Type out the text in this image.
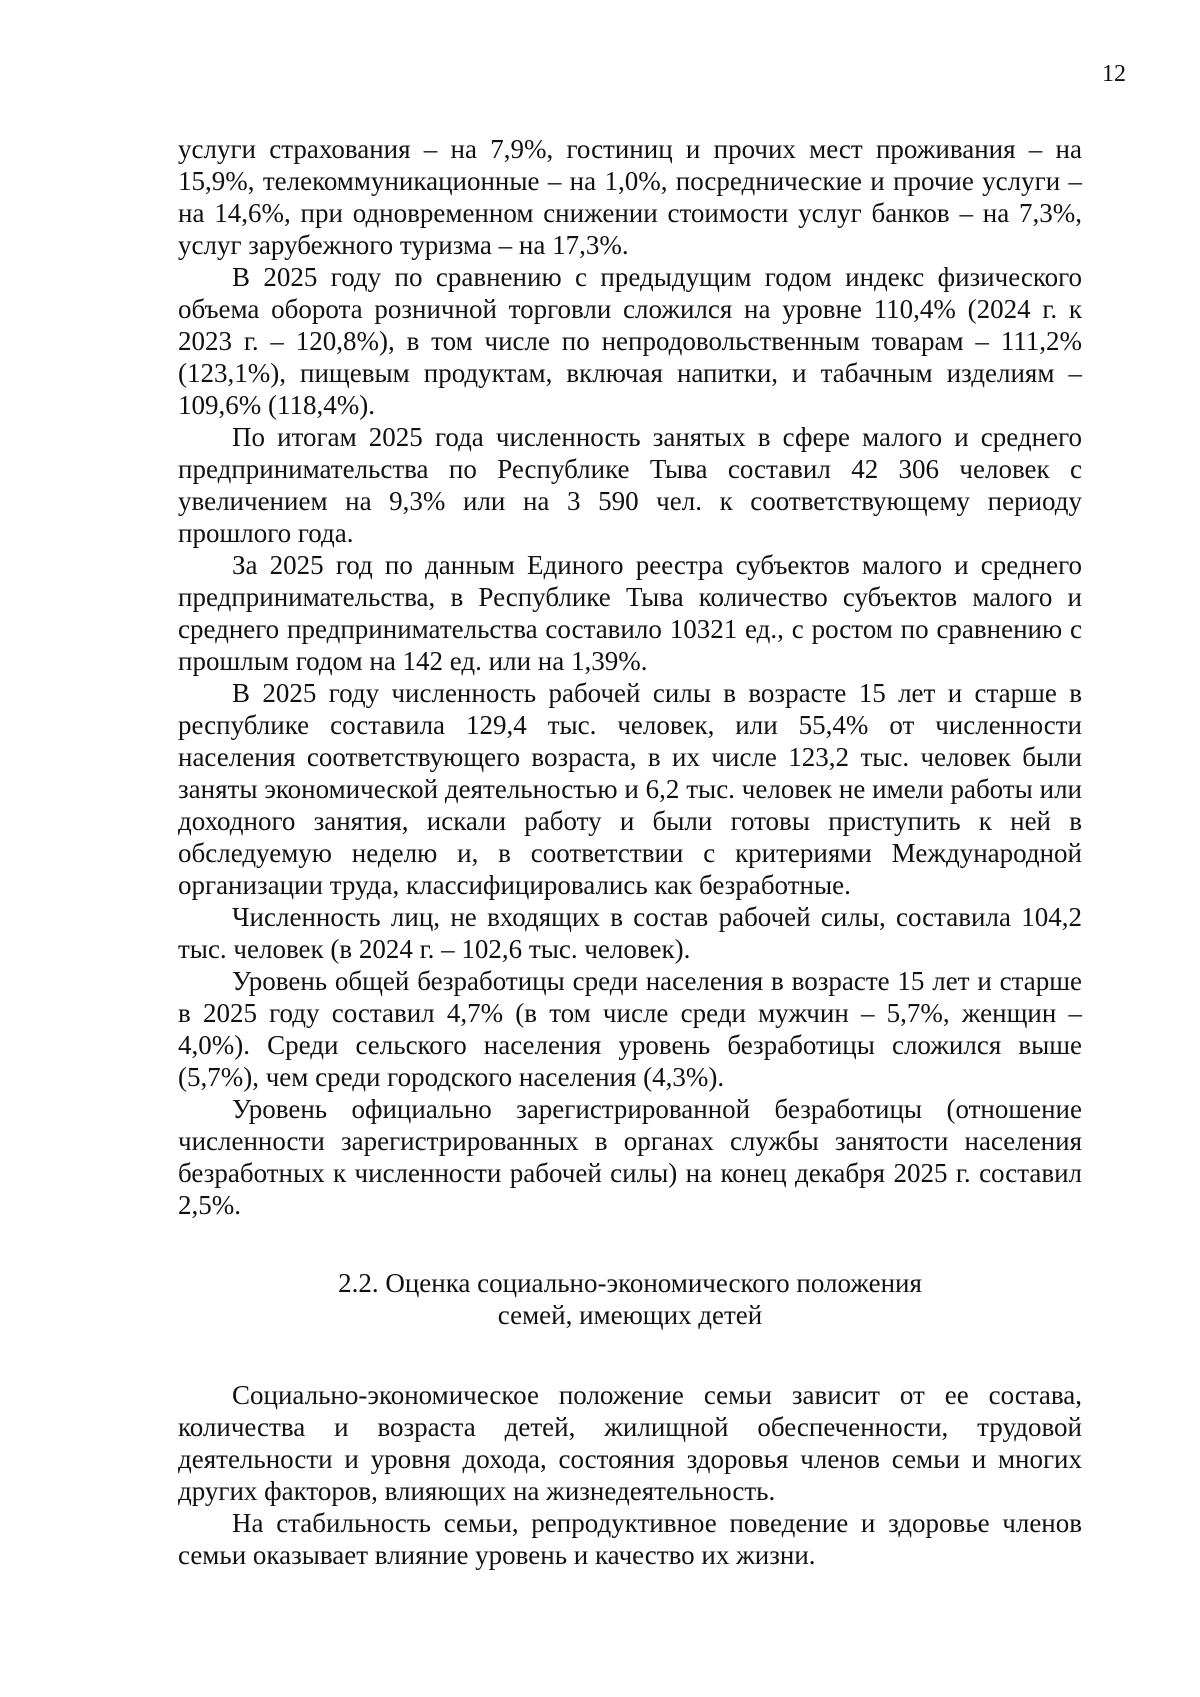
12

услуги страхования – на 7,9%, гостиниц и прочих мест проживания – на 15,9%, телекоммуникационные – на 1,0%, посреднические и прочие услуги – на 14,6%, при одновременном снижении стоимости услуг банков – на 7,3%, услуг зарубежного туризма – на 17,3%.

В 2025 году по сравнению с предыдущим годом индекс физического объема оборота розничной торговли сложился на уровне 110,4% (2024 г. к 2023 г. – 120,8%), в том числе по непродовольственным товарам – 111,2% (123,1%), пищевым продуктам, включая напитки, и табачным изделиям – 109,6% (118,4%).

По итогам 2025 года численность занятых в сфере малого и среднего предпринимательства по Республике Тыва составил 42 306 человек с увеличением на 9,3% или на 3 590 чел. к соответствующему периоду прошлого года.

За 2025 год по данным Единого реестра субъектов малого и среднего предпринимательства, в Республике Тыва количество субъектов малого и среднего предпринимательства составило 10321 ед., с ростом по сравнению с прошлым годом на 142 ед. или на 1,39%.

В 2025 году численность рабочей силы в возрасте 15 лет и старше в республике составила 129,4 тыс. человек, или 55,4% от численности населения соответствующего возраста, в их числе 123,2 тыс. человек были заняты экономической деятельностью и 6,2 тыс. человек не имели работы или доходного занятия, искали работу и были готовы приступить к ней в обследуемую неделю и, в соответствии с критериями Международной организации труда, классифицировались как безработные.

Численность лиц, не входящих в состав рабочей силы, составила 104,2 тыс. человек (в 2024 г. – 102,6 тыс. человек).

Уровень общей безработицы среди населения в возрасте 15 лет и старше в 2025 году составил 4,7% (в том числе среди мужчин – 5,7%, женщин – 4,0%). Среди сельского населения уровень безработицы сложился выше (5,7%), чем среди городского населения (4,3%).

Уровень официально зарегистрированной безработицы (отношение численности зарегистрированных в органах службы занятости населения безработных к численности рабочей силы) на конец декабря 2025 г. составил 2,5%.

2.2. Оценка социально-экономического положения
семей, имеющих детей

Социально-экономическое положение семьи зависит от ее состава, количества и возраста детей, жилищной обеспеченности, трудовой деятельности и уровня дохода, состояния здоровья членов семьи и многих других факторов, влияющих на жизнедеятельность.

На стабильность семьи, репродуктивное поведение и здоровье членов семьи оказывает влияние уровень и качество их жизни.
